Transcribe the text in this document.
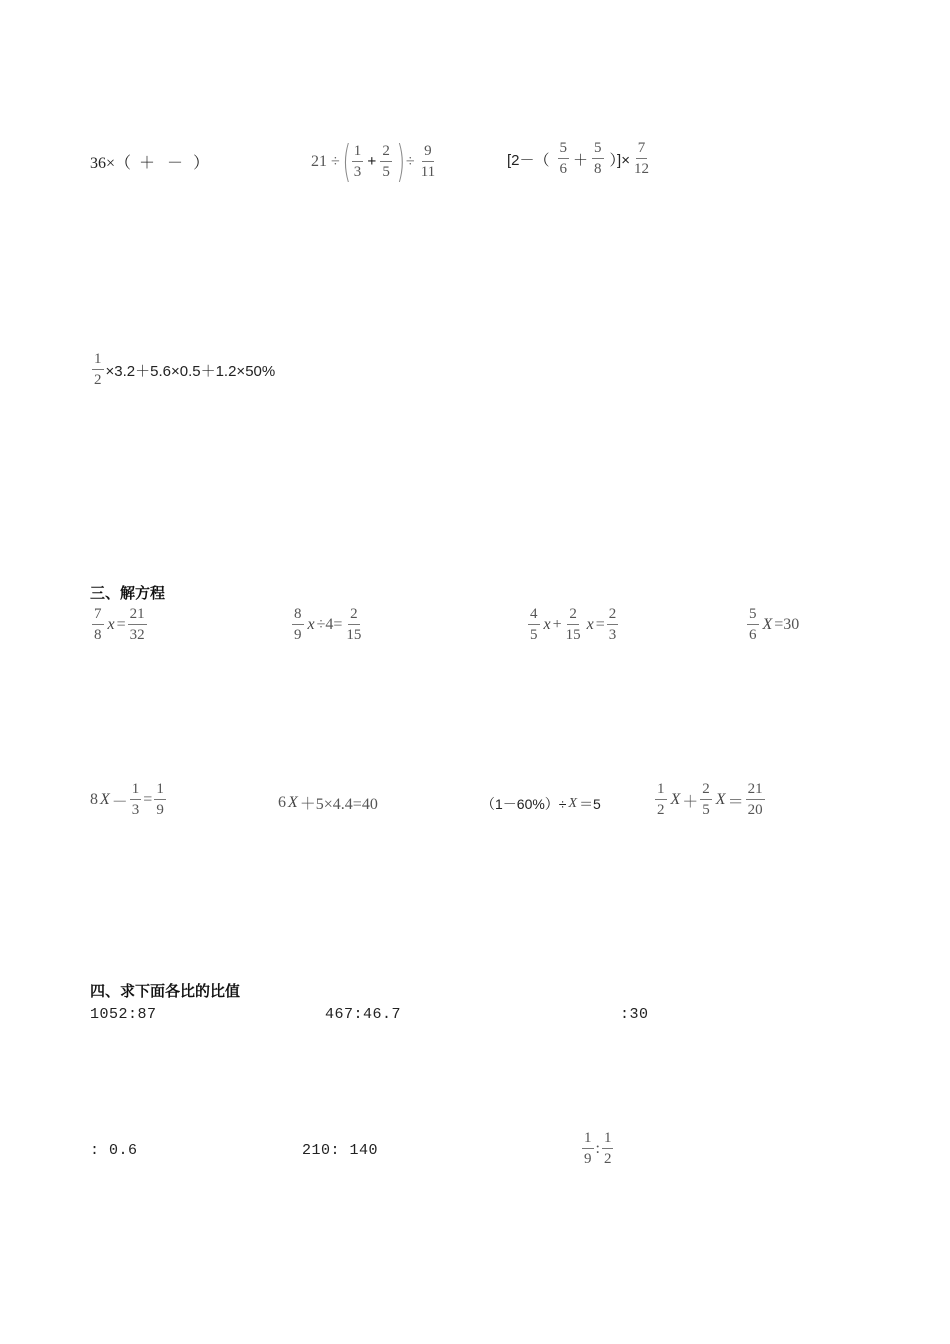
36×（ ＋ － ）	21 ÷ ( $\frac{1}{3} + \frac{2}{5}$ ) ÷ $\frac{9}{11}$	[$2-( \frac{5}{6} + \frac{5}{8}$ ）]× $\frac{7}{12}$
$\frac{1}{2} \times 3.2+5.6\times 0.5+1.2\times 50\%$
三、解方程
$\frac{7}{8}$ $x = \frac{21}{32}$	$\frac{8}{9}$ $x \div 4= \frac{2}{15}$	$\frac{4}{5}$ $x + \frac{2}{15}$ $x = \frac{2}{3}$	$\frac{5}{6}$ X =30
8 $X - \frac{1}{3} = \frac{1}{9}$	6 X ＋5×4.4=40	（1－60%）÷ X ＝5	$\frac{1}{2}$ $X + \frac{2}{5}$ $X = \frac{21}{20}$
四、求下面各比的比值
1052:87	467:46.7	:30
: 0.6	210: 140	$\frac{1}{9}$ : $\frac{1}{2}$
